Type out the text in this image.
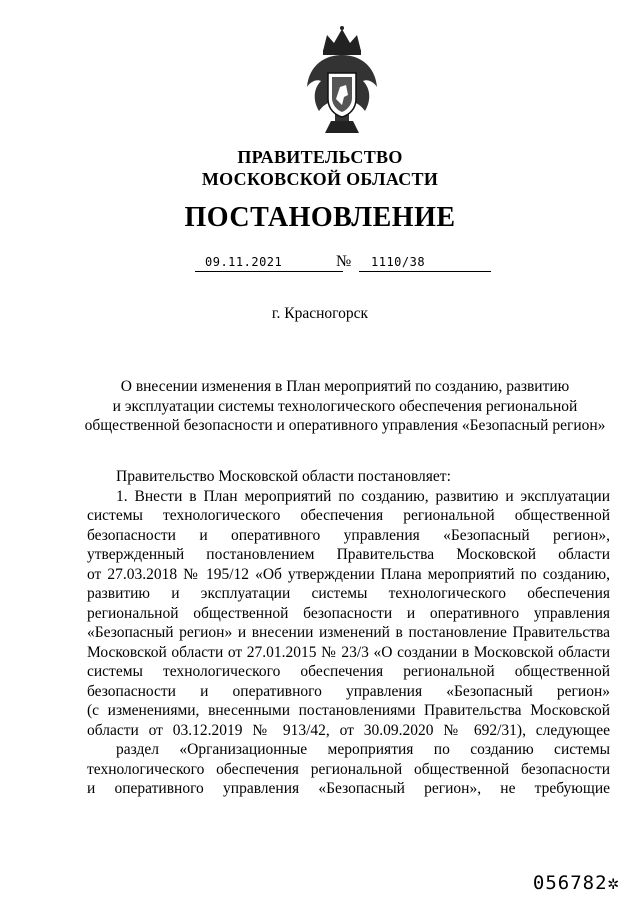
ПРАВИТЕЛЬСТВО
МОСКОВСКОЙ ОБЛАСТИ
ПОСТАНОВЛЕНИЕ
09.11.2021	№ 1110/38
г. Красногорск
О внесении изменения в План мероприятий по созданию, развитию
и эксплуатации системы технологического обеспечения региональной
общественной безопасности и оперативного управления «Безопасный регион»
Правительство Московской области постановляет:
1. Внести в План мероприятий по созданию, развитию и эксплуатации
системы технологического обеспечения региональной общественной
безопасности и оперативного управления «Безопасный регион»,
утвержденный постановлением Правительства Московской области
от 27.03.2018 № 195/12 «Об утверждении Плана мероприятий по созданию,
развитию и эксплуатации системы технологического обеспечения
региональной общественной безопасности и оперативного управления
«Безопасный регион» и внесении изменений в постановление Правительства
Московской области от 27.01.2015 № 23/3 «О создании в Московской области
системы технологического обеспечения региональной общественной
безопасности и оперативного управления «Безопасный регион»
(с изменениями, внесенными постановлениями Правительства Московской
области от 03.12.2019 № 913/42, от 30.09.2020 № 692/31), следующее
раздел «Организационные мероприятия по созданию системы
технологического обеспечения региональной общественной безопасности
и оперативного управления «Безопасный регион», не требующие
056782✲
